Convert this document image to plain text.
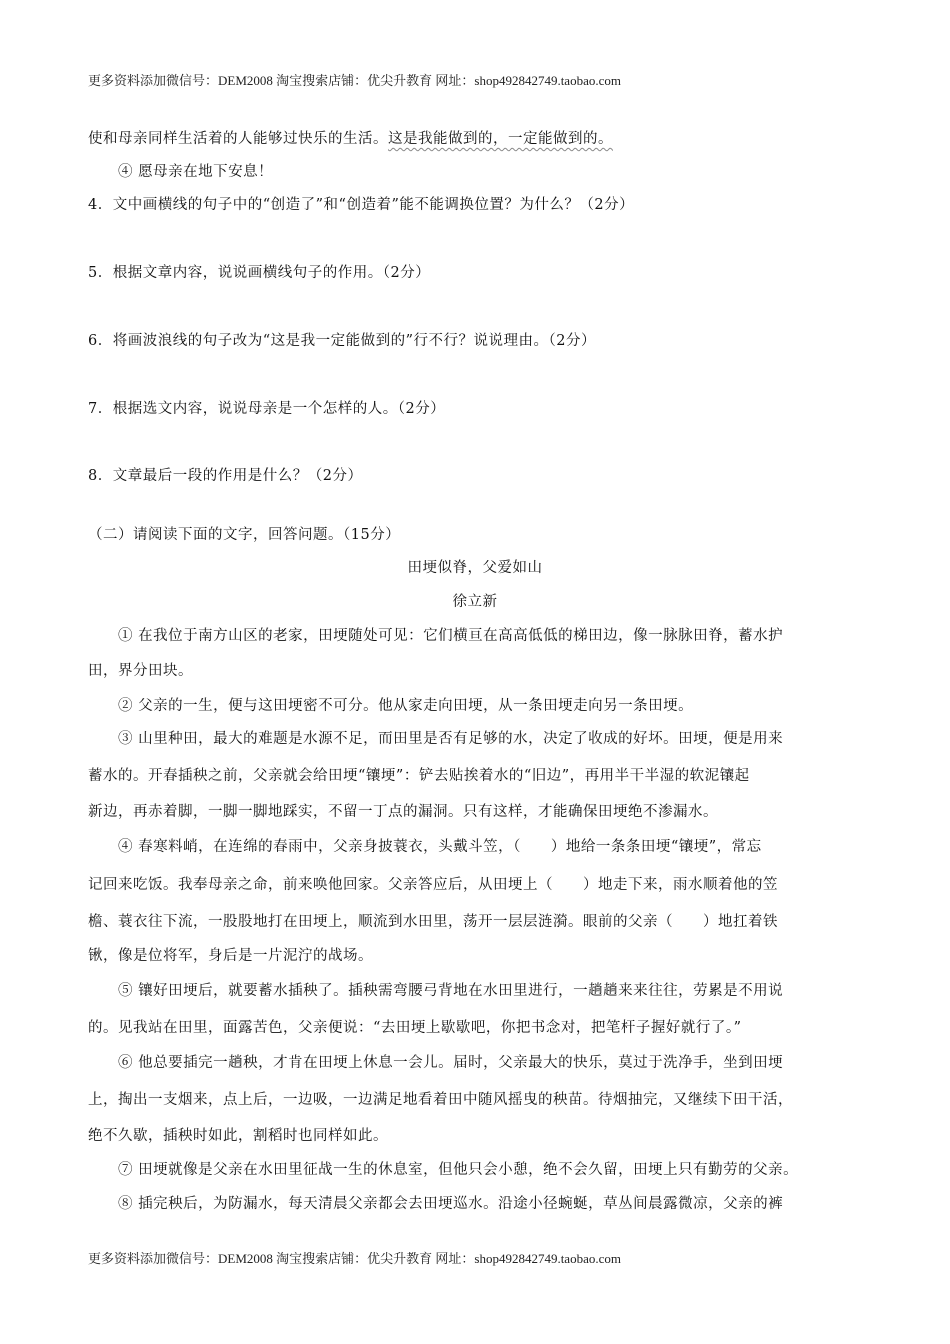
更多资料添加微信号：DEM2008 淘宝搜索店铺：优尖升教育 网址：shop492842749.taobao.com
使和母亲同样生活着的人能够过快乐的生活。这是我能做到的，一定能做到的。
④ 愿母亲在地下安息！
4．文中画横线的句子中的“创造了”和“创造着”能不能调换位置？为什么？（2分）
5．根据文章内容，说说画横线句子的作用。（2分）
6．将画波浪线的句子改为“这是我一定能做到的”行不行？说说理由。（2分）
7．根据选文内容，说说母亲是一个怎样的人。（2分）
8．文章最后一段的作用是什么？（2分）
（二）请阅读下面的文字，回答问题。（15分）
田埂似脊，父爱如山
徐立新
① 在我位于南方山区的老家，田埂随处可见：它们横亘在高高低低的梯田边，像一脉脉田脊，蓄水护
田，界分田块。
② 父亲的一生，便与这田埂密不可分。他从家走向田埂，从一条田埂走向另一条田埂。
③ 山里种田，最大的难题是水源不足，而田里是否有足够的水，决定了收成的好坏。田埂，便是用来
蓄水的。开春插秧之前，父亲就会给田埂“镶埂”：铲去贴挨着水的“旧边”，再用半干半湿的软泥镶起
新边，再赤着脚，一脚一脚地踩实，不留一丁点的漏洞。只有这样，才能确保田埂绝不渗漏水。
④ 春寒料峭，在连绵的春雨中，父亲身披蓑衣，头戴斗笠，（　　）地给一条条田埂“镶埂”，常忘
记回来吃饭。我奉母亲之命，前来唤他回家。父亲答应后，从田埂上（　　）地走下来，雨水顺着他的笠
檐、蓑衣往下流，一股股地打在田埂上，顺流到水田里，荡开一层层涟漪。眼前的父亲（　　）地扛着铁
锹，像是位将军，身后是一片泥泞的战场。
⑤ 镶好田埂后，就要蓄水插秧了。插秧需弯腰弓背地在水田里进行，一趟趟来来往往，劳累是不用说
的。见我站在田里，面露苦色，父亲便说：“去田埂上歇歇吧，你把书念对，把笔杆子握好就行了。”
⑥ 他总要插完一趟秧，才肯在田埂上休息一会儿。届时，父亲最大的快乐，莫过于洗净手，坐到田埂
上，掏出一支烟来，点上后，一边吸，一边满足地看着田中随风摇曳的秧苗。待烟抽完，又继续下田干活，
绝不久歇，插秧时如此，割稻时也同样如此。
⑦ 田埂就像是父亲在水田里征战一生的休息室，但他只会小憩，绝不会久留，田埂上只有勤劳的父亲。
⑧ 插完秧后，为防漏水，每天清晨父亲都会去田埂巡水。沿途小径蜿蜒，草丛间晨露微凉，父亲的裤
更多资料添加微信号：DEM2008 淘宝搜索店铺：优尖升教育 网址：shop492842749.taobao.com
